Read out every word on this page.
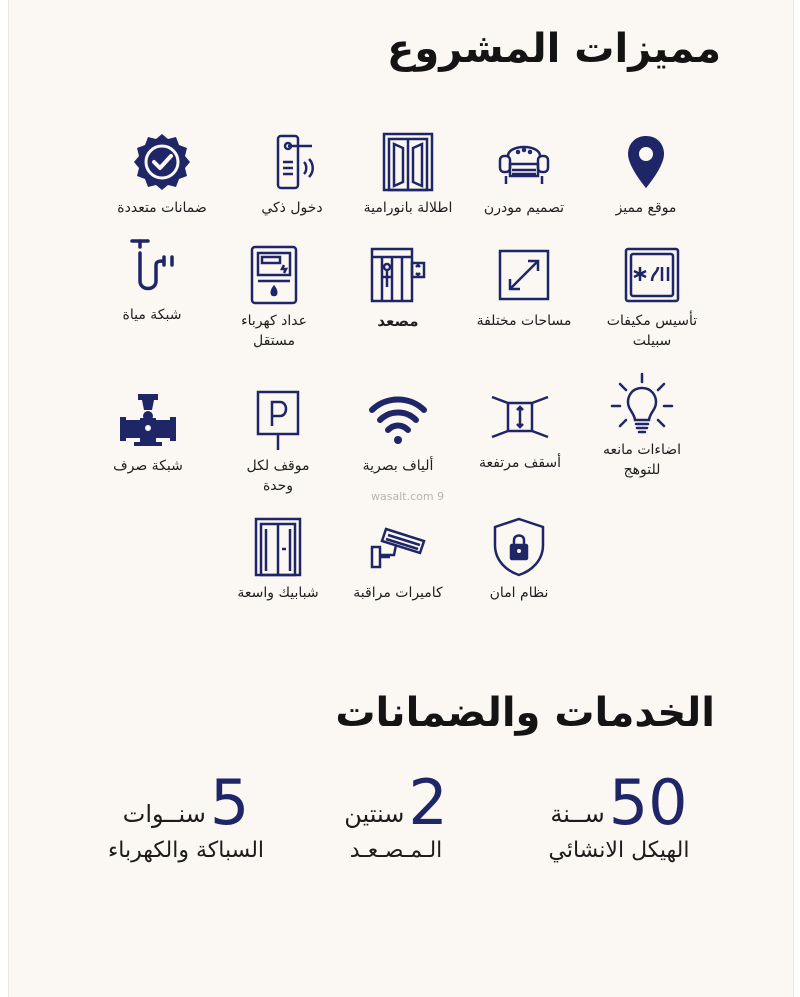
مميزات المشروع
موقع مميز
تصميم مودرن
اطلالة بانورامية
دخول ذكي
ضمانات متعددة
تأسيس مكيفات
سبيلت
مساحات مختلفة
مصعد
عداد كهرباء
مستقل
شبكة مياة
اضاءات مانعه
للتوهج
أسقف مرتفعة
ألياف بصرية
موقف لكل
وحدة
شبكة صرف
wasalt.com 9
نظام امان
كاميرات مراقبة
شبابيك واسعة
الخدمات والضمانات
50
ســنة
الهيكل الانشائي
2
سنتين
الـمـصـعـد
5
سنــوات
السباكة والكهرباء
